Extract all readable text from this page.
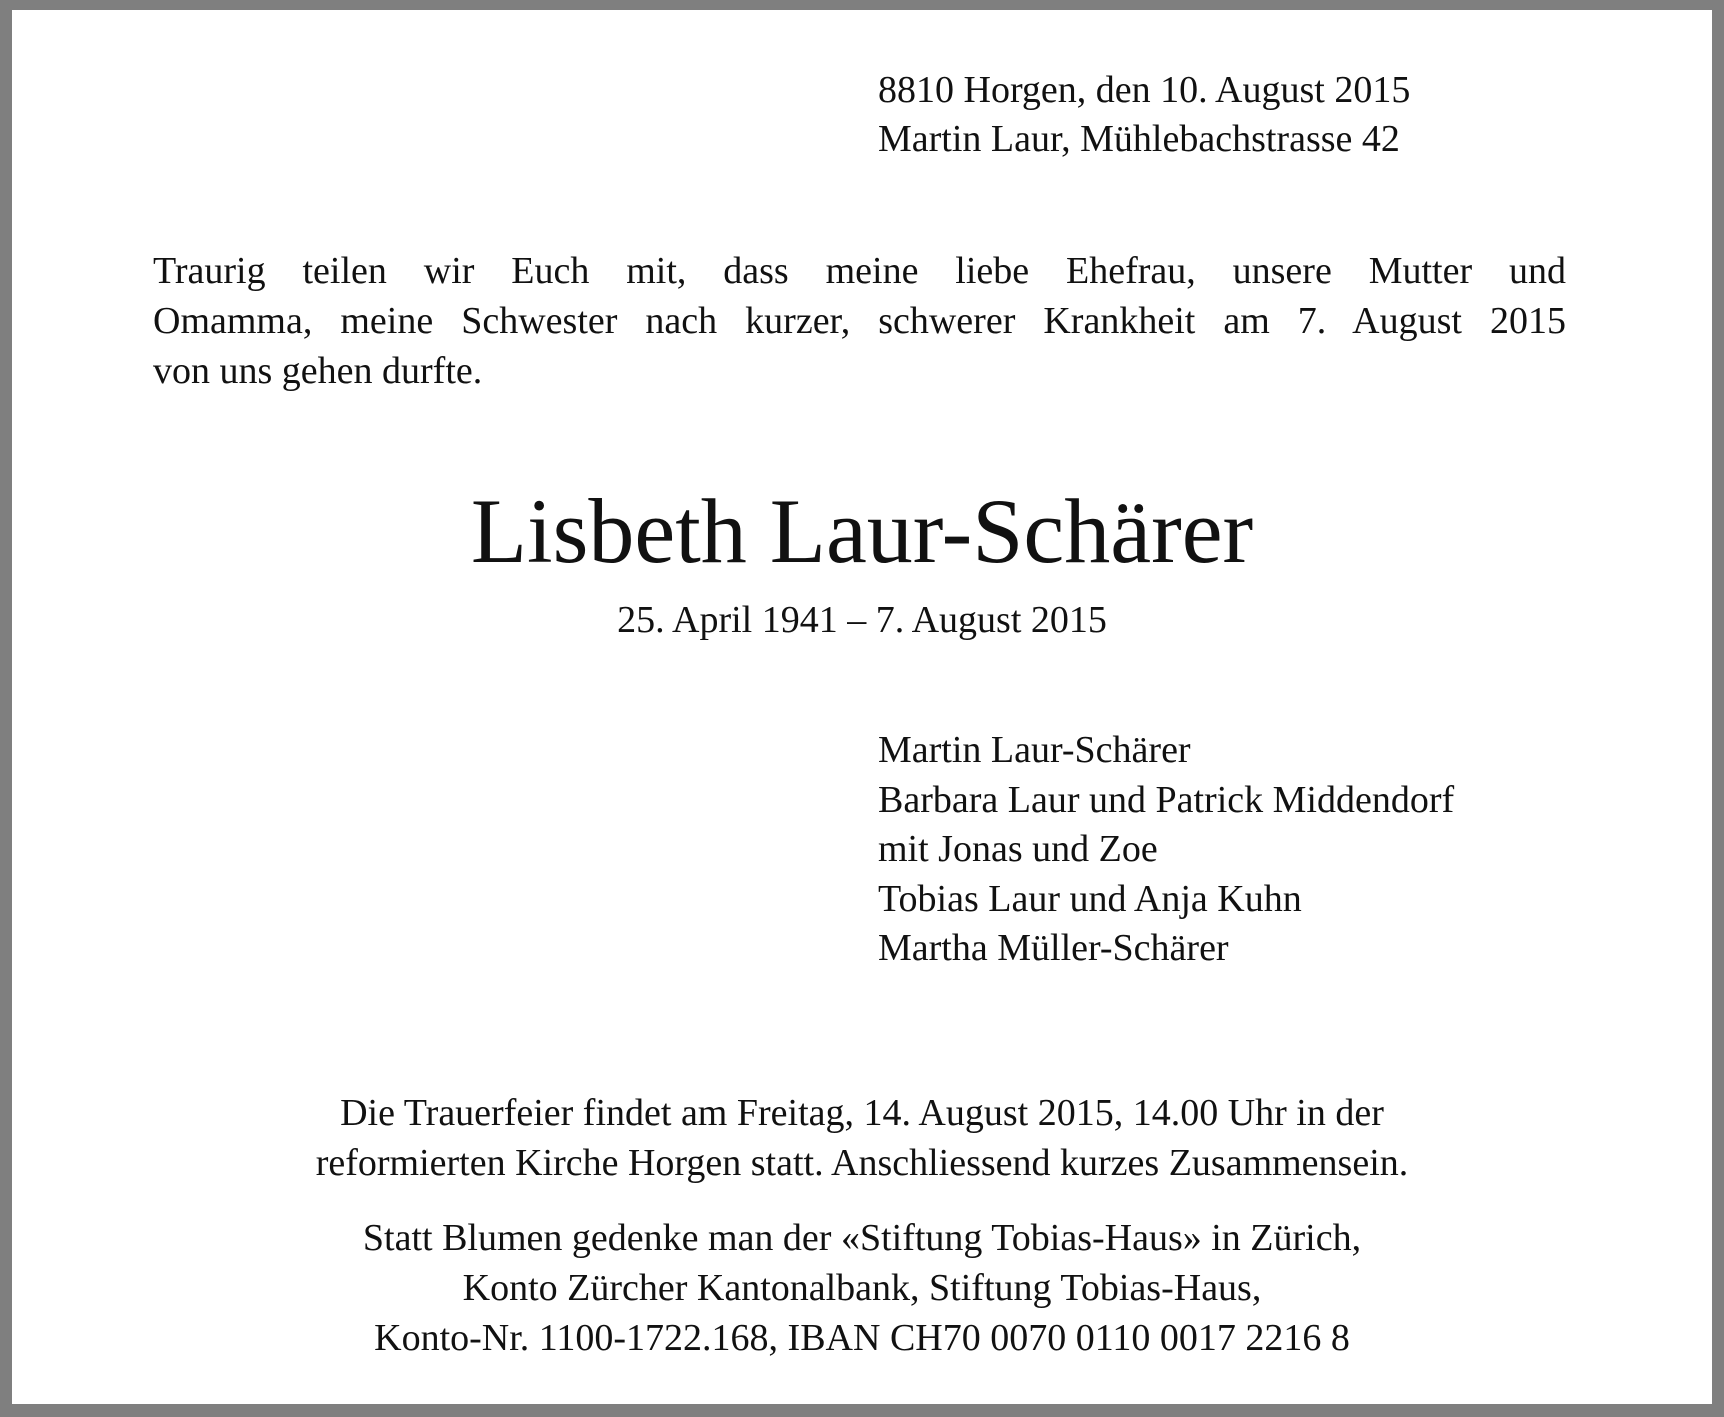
8810 Horgen, den 10. August 2015
Martin Laur, Mühlebachstrasse 42

Traurig teilen wir Euch mit, dass meine liebe Ehefrau, unsere Mutter und

Omamma, meine Schwester nach kurzer, schwerer Krankheit am 7. August 2015

von uns gehen durfte.

Lisbeth Laur-Schärer
25. April 1941 – 7. August 2015
Martin Laur-Schärer
Barbara Laur und Patrick Middendorf
mit Jonas und Zoe
Tobias Laur und Anja Kuhn
Martha Müller-Schärer
Die Trauerfeier findet am Freitag, 14. August 2015, 14.00 Uhr in der
reformierten Kirche Horgen statt. Anschliessend kurzes Zusammensein.
Statt Blumen gedenke man der «Stiftung Tobias-Haus» in Zürich,
Konto Zürcher Kantonalbank, Stiftung Tobias-Haus,
Konto-Nr. 1100-1722.168, IBAN CH70 0070 0110 0017 2216 8
